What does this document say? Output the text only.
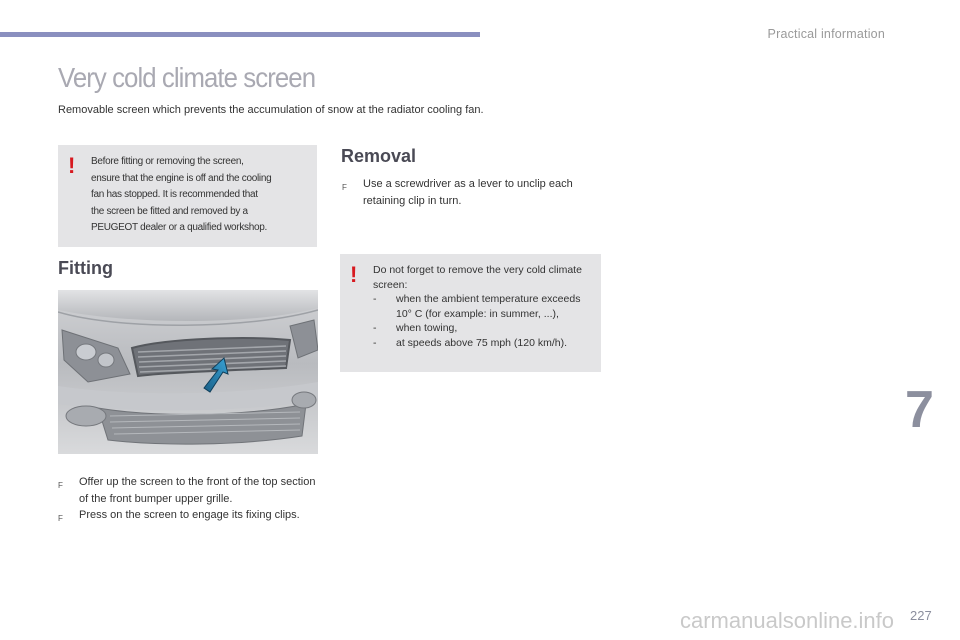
Practical information
Very cold climate screen
Removable screen which prevents the accumulation of snow at the radiator cooling fan.
! Before fitting or removing the screen,
ensure that the engine is off and the cooling
fan has stopped. It is recommended that
the screen be fitted and removed by a
PEUGEOT dealer or a qualified workshop.
Fitting
F Offer up the screen to the front of the top section of the front bumper upper grille.
F Press on the screen to engage its fixing clips.
Removal
F Use a screwdriver as a lever to unclip each retaining clip in turn.
! Do not forget to remove the very cold climate screen:
- when the ambient temperature exceeds 10° C (for example: in summer, ...),
- when towing,
- at speeds above 75 mph (120 km/h).
7
carmanualsonline.info 227
